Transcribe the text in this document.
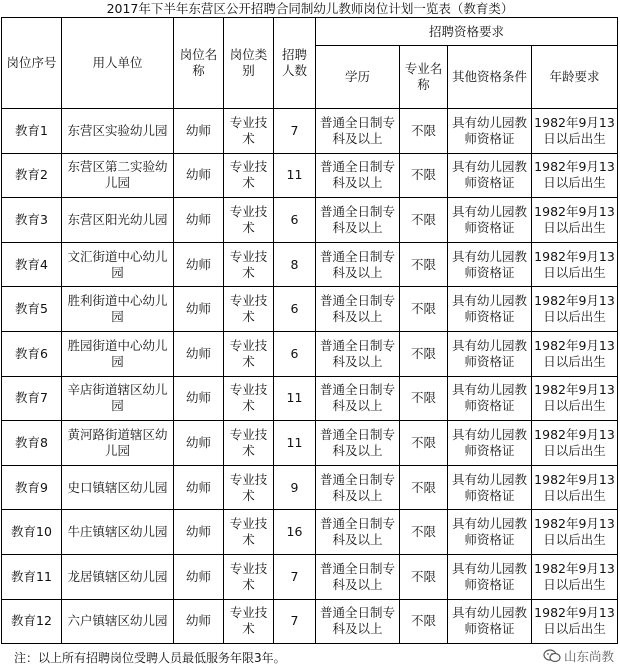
2017年下半年东营区公开招聘合同制幼儿教师岗位计划一览表（教育类）
岗位序号	用人单位	岗位名称	岗位类别	招聘人数	招聘资格要求			
					学历	专业名称	其他资格条件	年龄要求
教育1	东营区实验幼儿园	幼师	专业技术	7	普通全日制专科及以上	不限	具有幼儿园教师资格证	1982年9月13日以后出生
教育2	东营区第二实验幼儿园	幼师	专业技术	11	普通全日制专科及以上	不限	具有幼儿园教师资格证	1982年9月13日以后出生
教育3	东营区阳光幼儿园	幼师	专业技术	6	普通全日制专科及以上	不限	具有幼儿园教师资格证	1982年9月13日以后出生
教育4	文汇街道中心幼儿园	幼师	专业技术	8	普通全日制专科及以上	不限	具有幼儿园教师资格证	1982年9月13日以后出生
教育5	胜利街道中心幼儿园	幼师	专业技术	6	普通全日制专科及以上	不限	具有幼儿园教师资格证	1982年9月13日以后出生
教育6	胜园街道中心幼儿园	幼师	专业技术	6	普通全日制专科及以上	不限	具有幼儿园教师资格证	1982年9月13日以后出生
教育7	辛店街道辖区幼儿园	幼师	专业技术	11	普通全日制专科及以上	不限	具有幼儿园教师资格证	1982年9月13日以后出生
教育8	黄河路街道辖区幼儿园	幼师	专业技术	11	普通全日制专科及以上	不限	具有幼儿园教师资格证	1982年9月13日以后出生
教育9	史口镇辖区幼儿园	幼师	专业技术	9	普通全日制专科及以上	不限	具有幼儿园教师资格证	1982年9月13日以后出生
教育10	牛庄镇辖区幼儿园	幼师	专业技术	16	普通全日制专科及以上	不限	具有幼儿园教师资格证	1982年9月13日以后出生
教育11	龙居镇辖区幼儿园	幼师	专业技术	7	普通全日制专科及以上	不限	具有幼儿园教师资格证	1982年9月13日以后出生
教育12	六户镇辖区幼儿园	幼师	专业技术	7	普通全日制专科及以上	不限	具有幼儿园教师资格证	1982年9月13日以后出生
注：以上所有招聘岗位受聘人员最低服务年限3年。	山东尚教
